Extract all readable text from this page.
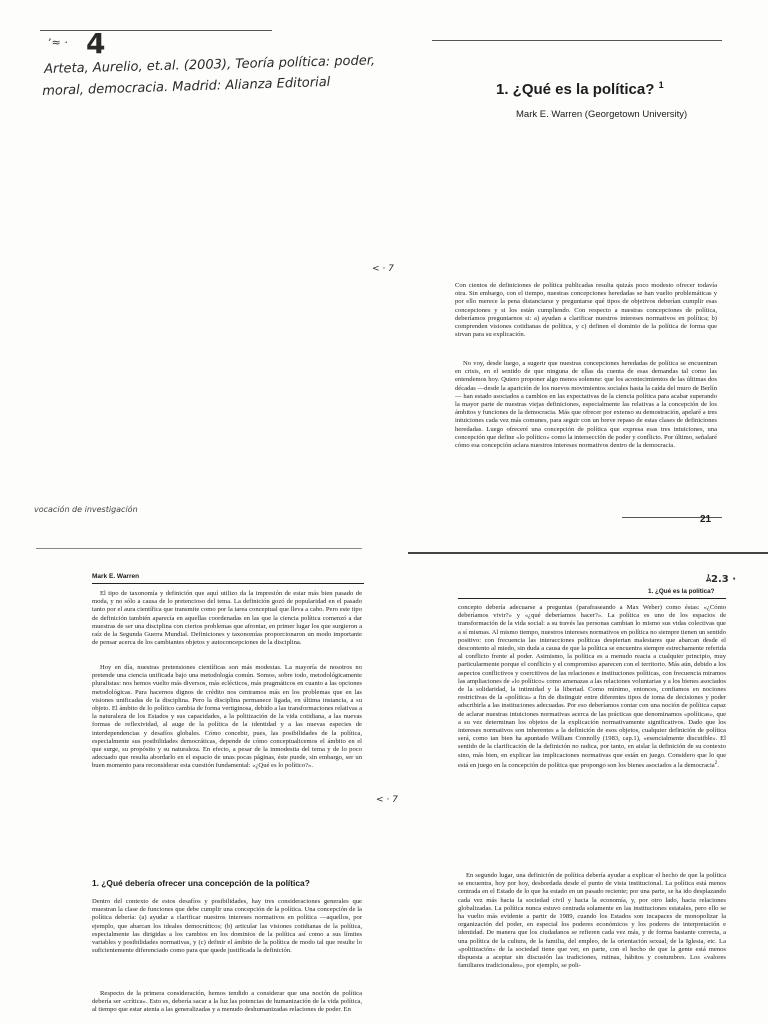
ʼ≈ · 4
Arteta, Aurelio, et.al. (2003), Teoría política: poder,
moral, democracia. Madrid: Alianza Editorial	1. ¿Qué es la política? $^1$
Mark E. Warren (Georgetown University)
< · 7

Con cientos de definiciones de política publicadas resulta quizás poco modesto ofrecer todavía otra. Sin embargo, con el tiempo, nuestras concepciones heredadas se han vuelto problemáticas y por ello merece la pena distanciarse y preguntarse qué tipos de objetivos deberían cumplir esas concepciones y si los están cumpliendo. Con respecto a nuestras concepciones de política, deberíamos preguntarnos si: a) ayudan a clarificar nuestros intereses normativos en política; b) comprenden visiones cotidianas de política, y c) definen el dominio de la política de forma que sirvan para su explicación.

No voy, desde luego, a sugerir que nuestras concepciones heredadas de política se encuentran en crisis, en el sentido de que ninguna de ellas da cuenta de esas demandas tal como las entendemos hoy. Quiero proponer algo menos solemne: que los acontecimientos de las últimas dos décadas —desde la aparición de los nuevos movimientos sociales hasta la caída del muro de Berlín— han estado asociados a cambios en las expectativas de la ciencia política para acabar superando la mayor parte de nuestras viejas definiciones, especialmente las relativas a la concepción de los ámbitos y funciones de la democracia. Más que ofrecer por extenso su demostración, apelaré a tres intuiciones cada vez más comunes, para seguir con un breve repaso de estas clases de definiciones heredadas. Luego ofreceré una concepción de política que expresa esas tres intuiciones, una concepción que define «lo político» como la intersección de poder y conflicto. Por último, señalaré cómo esa concepción aclara nuestros intereses normativos dentro de la democracia.

vocación de investigación
21
Mark E. Warren

El tipo de taxonomía y definición que aquí utilizo da la impresión de estar más bien pasado de moda, y no sólo a causa de lo pretencioso del tema. La definición gozó de popularidad en el pasado tanto por el aura científica que transmite como por la tarea conceptual que lleva a cabo. Pero este tipo de definición también aparecía en aquellas coordenadas en las que la ciencia política comenzó a dar muestras de ser una disciplina con ciertos problemas que afrontar, en primer lugar los que surgieron a raíz de la Segunda Guerra Mundial. Definiciones y taxonomías proporcionaron un modo importante de pensar acerca de los cambiantes objetos y autoconcepciones de la disciplina.

Hoy en día, nuestras pretensiones científicas son más modestas. La mayoría de nosotros no pretende una ciencia unificada bajo una metodología común. Somos, sobre todo, metodológicamente pluralistas: nos hemos vuelto más diversos, más eclécticos, más pragmáticos en cuanto a las opciones metodológicas. Para hacernos dignos de crédito nos centramos más en los problemas que en las visiones unificadas de la disciplina. Pero la disciplina permanece ligada, en última instancia, a su objeto. El ámbito de lo político cambia de forma vertiginosa, debido a las transformaciones relativas a la naturaleza de los Estados y sus capacidades, a la politización de la vida cotidiana, a las nuevas formas de reflexividad, al auge de la política de la identidad y a las nuevas especies de interdependencias y desafíos globales. Cómo concebir, pues, las posibilidades de la política, especialmente sus posibilidades democráticas, depende de cómo conceptualicemos el ámbito en el que surge, su propósito y su naturaleza. En efecto, a pesar de la inmodestia del tema y de lo poco adecuado que resulta abordarlo en el espacio de unas pocas páginas, éste puede, sin embargo, ser un buen momento para reconsiderar esta cuestión fundamental: «¿Qué es lo político?».

1. ¿Qué debería ofrecer una concepción de la política?

Dentro del contexto de estos desafíos y posibilidades, hay tres consideraciones generales que muestran la clase de funciones que debe cumplir una concepción de la política. Una concepción de la política debería: (a) ayudar a clarificar nuestros intereses normativos en política —aquellos, por ejemplo, que abarcan los ideales democráticos; (b) articular las visiones cotidianas de la política, especialmente las dirigidas a los cambios en los dominios de la política así como a sus límites variables y posibilidades normativas, y (c) definir el ámbito de la política de modo tal que resulte lo suficientemente diferenciado como para que quede justificada la definición.

Respecto de la primera consideración, hemos tendido a considerar que una noción de política debería ser «crítica». Esto es, debería sacar a la luz las potencias de humanización de la vida política, al tiempo que estar atenta a las generalizadas y a menudo deshumanizadas relaciones de poder. En

ﾑ2.3 ·
1. ¿Qué es la política?
< · 7

concepto debería adecuarse a preguntas (parafraseando a Max Weber) como éstas: «¿Cómo deberíamos vivir?» y «¿qué deberíamos hacer?». La política es uno de los espacios de transformación de la vida social: a su través las personas cambian lo mismo sus vidas colectivas que a sí mismas. Al mismo tiempo, nuestros intereses normativos en política no siempre tienen un sentido positivo: con frecuencia las interacciones políticas despiertan malestares que abarcan desde el descontento al miedo, sin duda a causa de que la política se encuentra siempre estrechamente referida al conflicto frente al poder. Asimismo, la política es a menudo reacia a cualquier principio, muy particularmente porque el conflicto y el compromiso aparecen con el territorio. Más aún, debido a los aspectos conflictivos y coercitivos de las relaciones e instituciones políticas, con frecuencia miramos las ampliaciones de «lo político» como amenazas a las relaciones voluntarias y a los bienes asociados de la solidaridad, la intimidad y la libertad. Como mínimo, entonces, confiamos en nociones restrictivas de la «política» a fin de distinguir entre diferentes tipos de toma de decisiones y poder adscribirla a las instituciones adecuadas. Por eso deberíamos contar con una noción de política capaz de aclarar nuestras intuiciones normativas acerca de las prácticas que denominamos «políticas», que a su vez determinan los objetos de la explicación normativamente significativos. Dado que los intereses normativos son inherentes a la definición de esos objetos, cualquier definición de política será, como tan bien ha apuntado William Connolly (1983, cap.1), «esencialmente discutible». El sentido de la clarificación de la definición no radica, por tanto, en aislar la definición de su contexto sino, más bien, en explicar las implicaciones normativas que están en juego. Considero que lo que está en juego en la concepción de política que propongo son los bienes asociados a la democracia$^2$.

En segundo lugar, una definición de política debería ayudar a explicar el hecho de que la política se encuentra, hoy por hoy, desbordada desde el punto de vista institucional. La política está menos centrada en el Estado de lo que ha estado en un pasado reciente; por una parte, se ha ido desplazando cada vez más hacia la sociedad civil y hacia la economía, y, por otro lado, hacia relaciones globalizadas. La política nunca estuvo centrada solamente en las instituciones estatales, pero ello se ha vuelto más evidente a partir de 1989, cuando los Estados son incapaces de monopolizar la organización del poder, en especial los poderes económicos y los poderes de interpretación e identidad. De manera que los ciudadanos se refieren cada vez más, y de forma bastante correcta, a una política de la cultura, de la familia, del empleo, de la orientación sexual, de la Iglesia, etc. La «politización» de la sociedad tiene que ver, en parte, con el hecho de que la gente está menos dispuesta a aceptar sin discusión las tradiciones, rutinas, hábitos y costumbres. Los «valores familiares tradicionales», por ejemplo, se poli-
